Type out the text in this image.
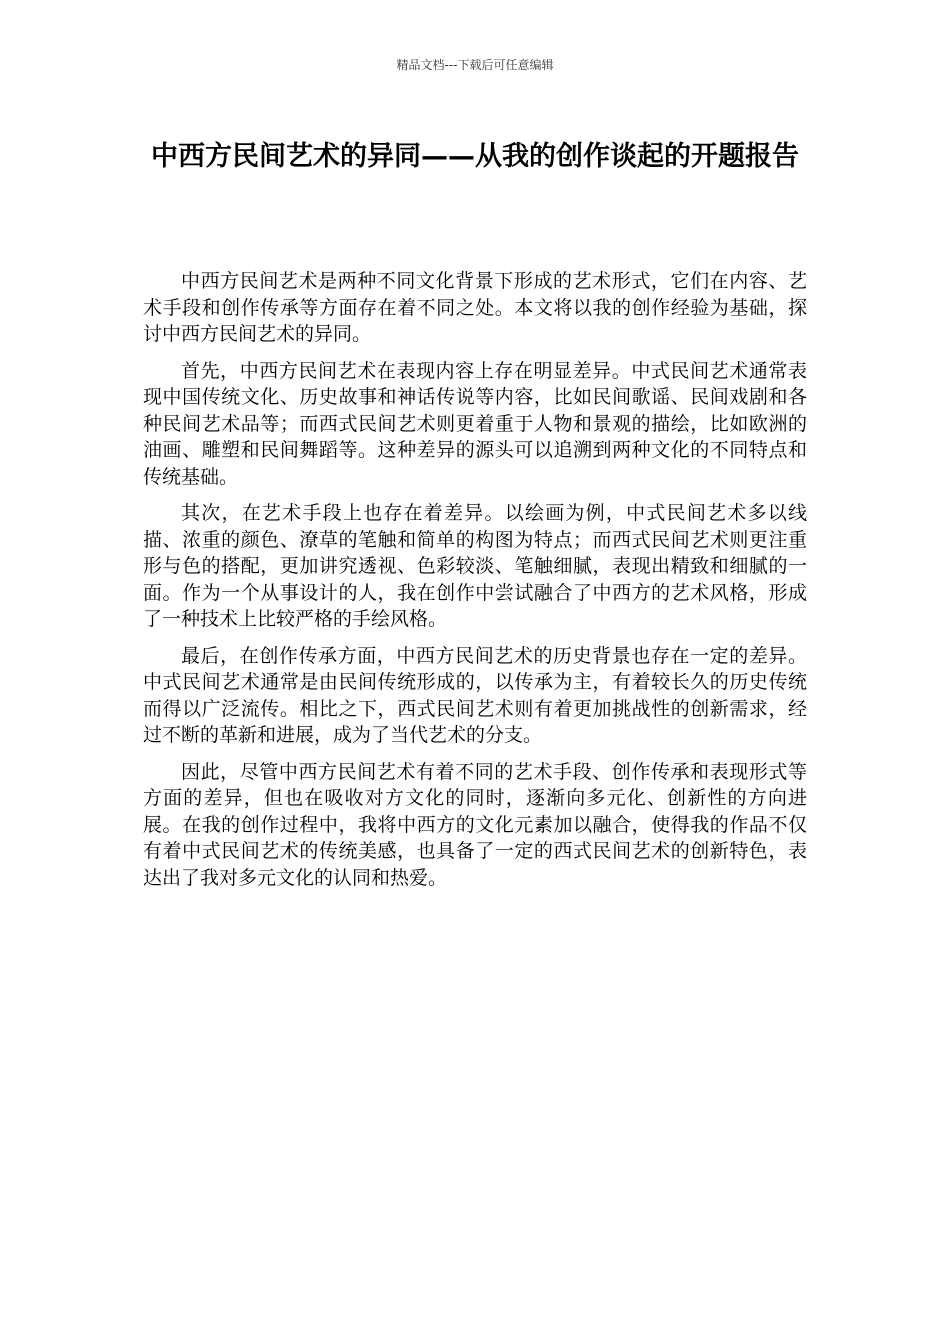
精品文档---下载后可任意编辑
中西方民间艺术的异同——从我的创作谈起的开题报告

中西方民间艺术是两种不同文化背景下形成的艺术形式，它们在内容、艺术手段和创作传承等方面存在着不同之处。本文将以我的创作经验为基础，探讨中西方民间艺术的异同。

首先，中西方民间艺术在表现内容上存在明显差异。中式民间艺术通常表现中国传统文化、历史故事和神话传说等内容，比如民间歌谣、民间戏剧和各种民间艺术品等；而西式民间艺术则更着重于人物和景观的描绘，比如欧洲的油画、雕塑和民间舞蹈等。这种差异的源头可以追溯到两种文化的不同特点和传统基础。

其次，在艺术手段上也存在着差异。以绘画为例，中式民间艺术多以线描、浓重的颜色、潦草的笔触和简单的构图为特点；而西式民间艺术则更注重形与色的搭配，更加讲究透视、色彩较淡、笔触细腻，表现出精致和细腻的一面。作为一个从事设计的人，我在创作中尝试融合了中西方的艺术风格，形成了一种技术上比较严格的手绘风格。

最后，在创作传承方面，中西方民间艺术的历史背景也存在一定的差异。中式民间艺术通常是由民间传统形成的，以传承为主，有着较长久的历史传统而得以广泛流传。相比之下，西式民间艺术则有着更加挑战性的创新需求，经过不断的革新和进展，成为了当代艺术的分支。

因此，尽管中西方民间艺术有着不同的艺术手段、创作传承和表现形式等方面的差异，但也在吸收对方文化的同时，逐渐向多元化、创新性的方向进展。在我的创作过程中，我将中西方的文化元素加以融合，使得我的作品不仅有着中式民间艺术的传统美感，也具备了一定的西式民间艺术的创新特色，表达出了我对多元文化的认同和热爱。
